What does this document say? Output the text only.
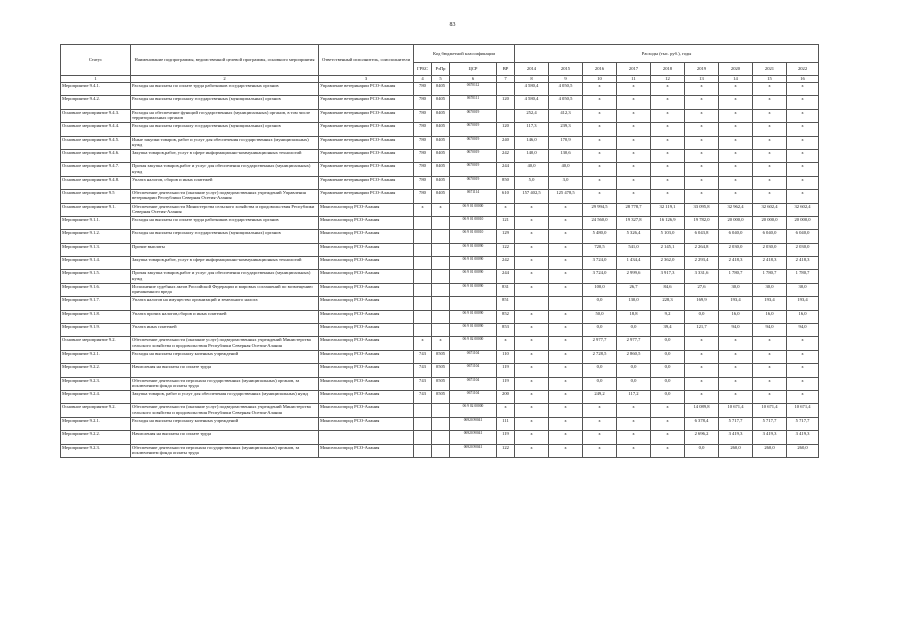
83
Статус	Наименование подпрограммы, ведомственной целевой программы, основного мероприятия	Ответственный исполнитель, соисполнители	Код бюджетной классификации				Расходы (тыс. руб.), годы								
			ГРБС	РзПр	ЦСР	ВР	2014	2015	2016	2017	2018	2019	2020	2021	2022
1	2	3	4	5	6	7	8	9	10	11	12	13	14	15	16
Мероприятие 9.4.1.	Расходы на выплаты по оплате труда работников государственных органов	Управление ветеринарии РСО-Алания	780	0405	0670112		4 580,4	4 050,5	x	x	x	x	x	x	x
Мероприятие 9.4.2.	Расходы на выплаты персоналу государственных (муниципальных) органов	Управление ветеринарии РСО-Алания	780	0405	0670111	120	4 580,4	4 050,5	x	x	x	x	x	x	x
Основное мероприятие 9.4.3.	Расходы на обеспечение функций государственных (муниципальных) органов, в том числе территориальных органов	Управление ветеринарии РСО-Алания	780	0405	0670019		252,4	412,3	x	x	x	x	x	x	x
Основное мероприятие 9.4.4.	Расходы на выплаты персоналу государственных (муниципальных) органов	Управление ветеринарии РСО-Алания	780	0405	0670019	120	117,3	239,3	x	x	x	x	x	x	x
Основное мероприятие 9.4.5.	Иные закупки товаров, работ и услуг для обеспечения государственных (муниципальных) нужд	Управление ветеринарии РСО-Алания	780	0405	0670019	240	146,0	170,9	x	x	x	x	x	x	x
Основное мероприятие 9.4.6.	Закупка товаров,работ, услуг в сфере информационно-коммуникационных технологий	Управление ветеринарии РСО-Алания	780	0405	0670019	242	140,0	130,6	x	x	x	x	x	x	x
Основное мероприятие 9.4.7.	Прочая закупка товаров,работ и услуг для обеспечения государственных (муниципальных) нужд	Управление ветеринарии РСО-Алания	780	0405	0670019	244	40,0	40,0	x	x	x	x	x	x	x
Основное мероприятие 9.4.8.	Уплата налогов, сборов и иных платежей	Управление ветеринарии РСО-Алания	780	0405	0670019	850	5,0	3,0	x	x	x	x	x	x	x
Основное мероприятие 9.5	Обеспечение деятельности (оказание услуг) подведомственных учреждений Управления ветеринарии Республики Северная Осетия-Алания	Управление ветеринарии РСО-Алания	780	0405	0671114	610	157 402,5	125 478,5	x	x	x	x	x	x	x
Основное мероприятие 9.1.	Обеспечение деятельности Министерства сельского хозяйства и продовольствия Республики Северная Осетия-Алания	Минсельхозпрод РСО-Алания	x	x	06 9 01 00000	x	x	x	29 994,5	28 778,7	32 119,1	33 095,8	32 962,4	32 602,4	32 602,4
Мероприятие 9.1.1.	Расходы на выплаты по оплате труда работников государственных органов	Минсельхозпрод РСО-Алания			06 9 01 00010	121	x	x	24 560,0	19 327,8	16 126,9	19 782,0	20 000,0	20 000,0	20 000,0
Мероприятие 9.1.2.	Расходы на выплаты персоналу государственных (муниципальных) органов	Минсельхозпрод РСО-Алания			06 9 01 00010	129	x	x	5 480,0	5 326,4	5 103,0	6 043,8	6 040,0	6 040,0	6 040,0
Мероприятие 9.1.3.	Прочие выплаты	Минсельхозпрод РСО-Алания			06 9 01 00090	122	x	x	720,5	541,0	2 145,1	2 264,8	2 030,0	2 030,0	2 030,0
Мероприятие 9.1.4.	Закупка товаров,работ, услуг в сфере информационно-коммуникационных технологий	Минсельхозпрод РСО-Алания			06 9 01 00090	242	x	x	3 724,0	1 434,4	2 362,0	2 293,4	2 418,3	2 418,3	2 418,3
Мероприятие 9.1.5.	Прочая закупка товаров,работ и услуг для обеспечения государственных (муниципальных) нужд	Минсельхозпрод РСО-Алания			06 9 01 00090	244	x	x	3 724,0	2 999,6	3 917,3	3 331,6	1 780,7	1 780,7	1 780,7
Мероприятие 9.1.6.	Исполнение судебных актов Российской Федерации и мировых соглашений по возмещению причиненного вреда	Минсельхозпрод РСО-Алания			06 9 01 00090	831	x	x	100,0	26,7	84,6	27,6	30,0	30,0	30,0
Мероприятие 9.1.7.	Уплата налогов на имущество организаций и земельного налога	Минсельхозпрод РСО-Алания				851			0,0	130,0	228,3	169,9	193,4	193,4	193,4
Мероприятие 9.1.8.	Уплата прочих налогов,сборов и иных платежей	Минсельхозпрод РСО-Алания			06 9 01 00090	852	x	x	50,0	18,8	9,2	0,0	16,0	16,0	16,0
Мероприятие 9.1.9.	Уплата иных платежей	Минсельхозпрод РСО-Алания			06 9 01 00090	853	x	x	0,0	0,0	39,4	121,7	94,0	94,0	94,0
Основное мероприятие 9.2.	Обеспечение деятельности (оказание услуг) подведомственных учреждений Министерства сельского хозяйства и продовольствия Республики Северная Осетия-Алания	Минсельхозпрод РСО-Алания	x	x	06 9 02 00000	x	x	x	2 977,7	2 977,7	0,0	x	x	x	x
Мероприятие 9.2.1.	Расходы на выплаты персоналу казенных учреждений	Минсельхозпрод РСО-Алания	743	0505	0671104	110	x	x	2 728,5	2 860,5	0,0	x	x	x	x
Мероприятие 9.2.2.	Начисления на выплаты по оплате труда	Минсельхозпрод РСО-Алания	743	0505	0671104	119	x	x	0,0	0,0	0,0	x	x	x	x
Мероприятие 9.2.3.	Обеспечение деятельности персонала государственных (муниципальных) органов, за исключением фонда оплаты труда	Минсельхозпрод РСО-Алания	743	0505	0671104	119	x	x	0,0	0,0	0,0	x	x	x	x
Мероприятие 9.2.4.	Закупка товаров, работ и услуг для обеспечения государственных (муниципальных) нужд	Минсельхозпрод РСО-Алания	743	0505	0671104	200	x	x	249,2	117,2	0,0	x	x	x	x
Основное мероприятие 9.2.	Обеспечение деятельности (оказание услуг) подведомственных учреждений Министерства сельского хозяйства и продовольствия Республики Северная Осетия-Алания	Минсельхозпрод РСО-Алания			06 9 02 00000	x	x	x	x	x	x	14 089,8	10 671,4	10 671,4	10 671,4
Мероприятие 9.2.1.	Расходы на выплаты персоналу казенных учреждений	Минсельхозпрод РСО-Алания			06920Э0041	111	x	x	x	x	x	6 378,4	5 717,7	5 717,7	5 717,7
Мероприятие 9.2.2.	Начисления на выплаты по оплате труда				06920Э0041	119	x	x	x	x	x	2 696,2	3 419,3	3 419,3	3 419,3
Мероприятие 9.2.3.	Обеспечение деятельности персонала государственных (муниципальных) органов, за исключением фонда оплаты труда	Минсельхозпрод РСО-Алания			06920Э0041	122	x	x	x	x	x	0,0	260,0	260,0	260,0
